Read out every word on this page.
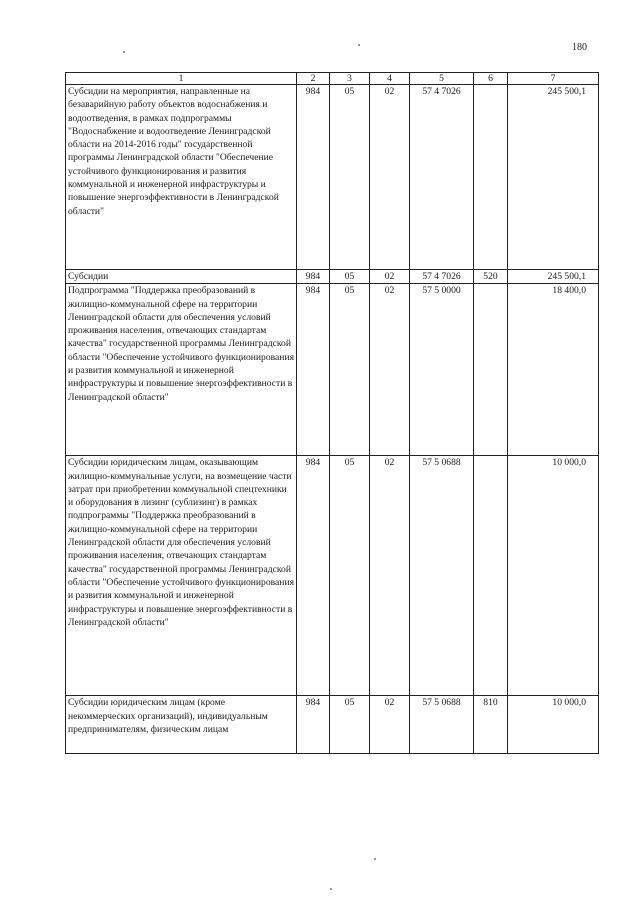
180
1	2	3	4	5	6	7
Субсидии на мероприятия, направленные на безаварийную работу объектов водоснабжения и водоотведения, в рамках подпрограммы "Водоснабжение и водоотведение Ленинградской области на 2014-2016 годы" государственной программы Ленинградской области "Обеспечение устойчивого функционирования и развития коммунальной и инженерной инфраструктуры и повышение энергоэффективности в Ленинградской области"	984	05	02	57 4 7026		245 500,1
Субсидии	984	05	02	57 4 7026	520	245 500,1
Подпрограмма "Поддержка преобразований в жилищно-коммунальной сфере на территории Ленинградской области для обеспечения условий проживания населения, отвечающих стандартам качества" государственной программы Ленинградской области "Обеспечение устойчивого функционирования и развития коммунальной и инженерной инфраструктуры и повышение энергоэффективности в Ленинградской области"	984	05	02	57 5 0000		18 400,0
Субсидии юридическим лицам, оказывающим жилищно-коммунальные услуги, на возмещение части затрат при приобретении коммунальной спецтехники и оборудования в лизинг (сублизинг) в рамках подпрограммы "Поддержка преобразований в жилищно-коммунальной сфере на территории Ленинградской области для обеспечения условий проживания населения, отвечающих стандартам качества" государственной программы Ленинградской области "Обеспечение устойчивого функционирования и развития коммунальной и инженерной инфраструктуры и повышение энергоэффективности в Ленинградской области"	984	05	02	57 5 0688		10 000,0
Субсидии юридическим лицам (кроме некоммерческих организаций), индивидуальным предпринимателям, физическим лицам	984	05	02	57 5 0688	810	10 000,0
